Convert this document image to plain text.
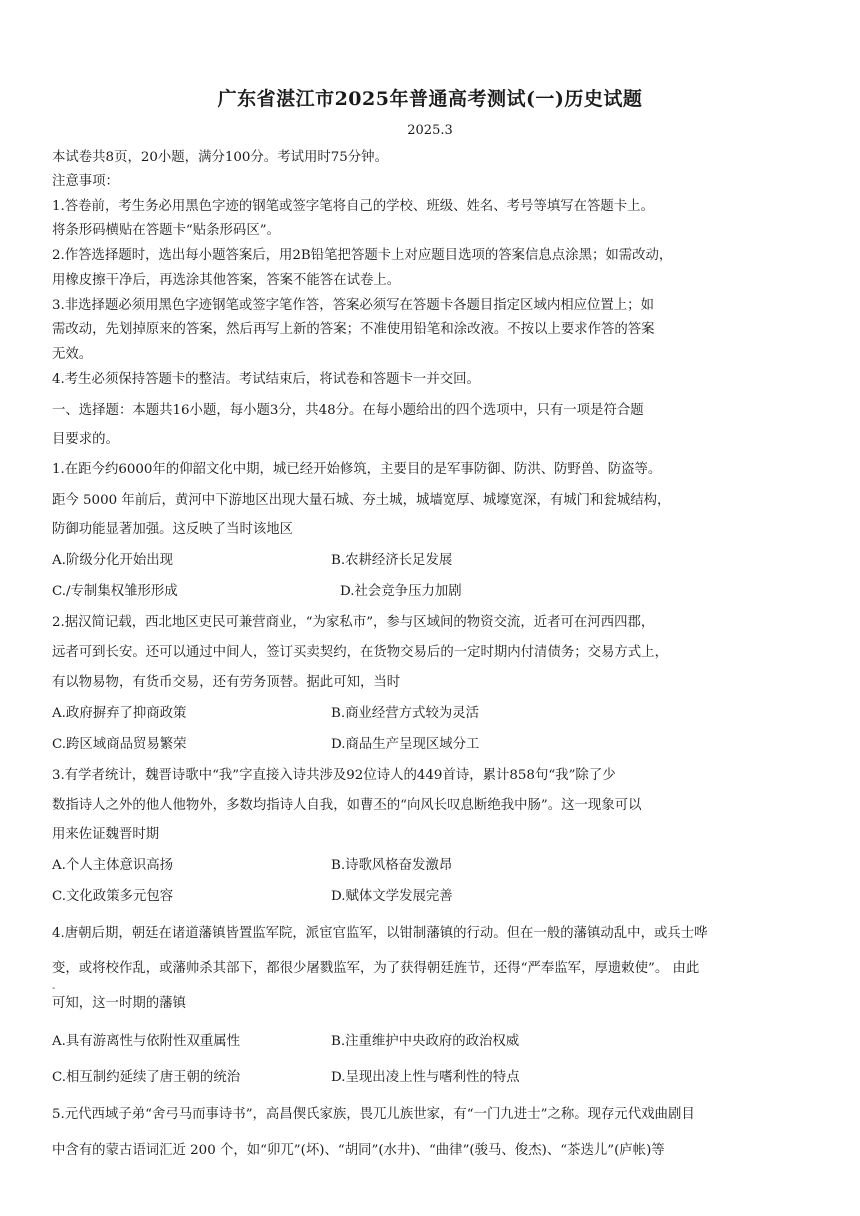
广东省湛江市2025年普通高考测试(一)历史试题
2025.3
本试卷共8页，20小题，满分100分。考试用时75分钟。
注意事项：
1.答卷前，考生务必用黑色字迹的钢笔或签字笔将自己的学校、班级、姓名、考号等填写在答题卡上。
将条形码横贴在答题卡“贴条形码区”。
2.作答选择题时，选出每小题答案后，用2B铅笔把答题卡上对应题目选项的答案信息点涂黑；如需改动，
用橡皮擦干净后，再选涂其他答案，答案不能答在试卷上。
3.非选择题必须用黑色字迹钢笔或签字笔作答，答案必须写在答题卡各题目指定区域内相应位置上；如
需改动，先划掉原来的答案，然后再写上新的答案；不准使用铅笔和涂改液。不按以上要求作答的答案
无效。
4.考生必须保持答题卡的整洁。考试结束后，将试卷和答题卡一并交回。
一、选择题：本题共16小题，每小题3分，共48分。在每小题给出的四个选项中，只有一项是符合题
目要求的。
1.在距今约6000年的仰韶文化中期，城已经开始修筑，主要目的是军事防御、防洪、防野兽、防盗等。
距今 5000 年前后，黄河中下游地区出现大量石城、夯土城，城墙宽厚、城壕宽深，有城门和瓮城结构，
防御功能显著加强。这反映了当时该地区
A.阶级分化开始出现	B.农耕经济长足发展
C./专制集权雏形形成	D.社会竞争压力加剧
2.据汉简记载，西北地区吏民可兼营商业，“为家私市”，参与区域间的物资交流，近者可在河西四郡，
远者可到长安。还可以通过中间人，签订买卖契约，在货物交易后的一定时期内付清债务；交易方式上，
有以物易物，有货币交易，还有劳务顶替。据此可知，当时
A.政府摒弃了抑商政策	B.商业经营方式较为灵活
C.跨区域商品贸易繁荣	D.商品生产呈现区域分工
3.有学者统计，魏晋诗歌中“我”字直接入诗共涉及92位诗人的449首诗，累计858句“我”除了少
数指诗人之外的他人他物外，多数均指诗人自我，如曹丕的“向风长叹息断绝我中肠”。这一现象可以
用来佐证魏晋时期
A.个人主体意识高扬	B.诗歌风格奋发激昂
C.文化政策多元包容	D.赋体文学发展完善
4.唐朝后期，朝廷在诸道藩镇皆置监军院，派宦官监军，以钳制藩镇的行动。但在一般的藩镇动乱中，或兵士哗
变，或将校作乱，或藩帅杀其部下，都很少屠戮监军，为了获得朝廷旌节，还得“严奉监军，厚遗敕使”。 由此
-
可知，这一时期的藩镇
A.具有游离性与依附性双重属性	B.注重维护中央政府的政治权威
C.相互制约延续了唐王朝的统治	D.呈现出凌上性与嗜利性的特点
5.元代西域子弟“舍弓马而事诗书”，高昌偰氏家族，畏兀儿族世家，有“一门九进士”之称。现存元代戏曲剧目
中含有的蒙古语词汇近 200 个，如“卯兀”(坏)、“胡同”(水井)、“曲律”(骏马、俊杰)、“茶迭儿”(庐帐)等
